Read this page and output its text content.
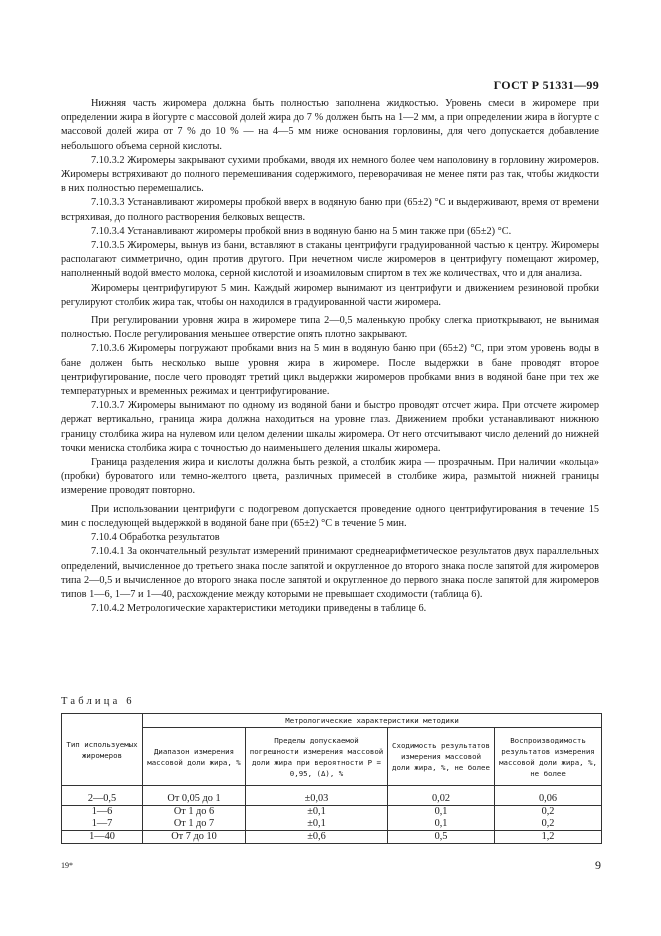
ГОСТ Р 51331—99

Нижняя часть жиромера должна быть полностью заполнена жидкостью. Уровень смеси в жиромере при определении жира в йогурте с массовой долей жира до 7 % должен быть на 1—2 мм, а при определении жира в йогурте с массовой долей жира от 7 % до 10 % — на 4—5 мм ниже основания горловины, для чего допускается добавление небольшого объема серной кислоты.

7.10.3.2 Жиромеры закрывают сухими пробками, вводя их немного более чем наполовину в горловину жиромеров. Жиромеры встряхивают до полного перемешивания содержимого, переворачивая не менее пяти раз так, чтобы жидкости в них полностью перемешались.

7.10.3.3 Устанавливают жиромеры пробкой вверх в водяную баню при (65±2) °C и выдерживают, время от времени встряхивая, до полного растворения белковых веществ.

7.10.3.4 Устанавливают жиромеры пробкой вниз в водяную баню на 5 мин также при (65±2) °C.

7.10.3.5 Жиромеры, вынув из бани, вставляют в стаканы центрифуги градуированной частью к центру. Жиромеры располагают симметрично, один против другого. При нечетном числе жиромеров в центрифугу помещают жиромер, наполненный водой вместо молока, серной кислотой и изоамиловым спиртом в тех же количествах, что и для анализа.

Жиромеры центрифугируют 5 мин. Каждый жиромер вынимают из центрифуги и движением резиновой пробки регулируют столбик жира так, чтобы он находился в градуированной части жиромера.

При регулировании уровня жира в жиромере типа 2—0,5 маленькую пробку слегка приоткрывают, не вынимая полностью. После регулирования меньшее отверстие опять плотно закрывают.

7.10.3.6 Жиромеры погружают пробками вниз на 5 мин в водяную баню при (65±2) °C, при этом уровень воды в бане должен быть несколько выше уровня жира в жиромере. После выдержки в бане проводят второе центрифугирование, после чего проводят третий цикл выдержки жиромеров пробками вниз в водяной бане при тех же температурных и временных режимах и центрифугирование.

7.10.3.7 Жиромеры вынимают по одному из водяной бани и быстро проводят отсчет жира. При отсчете жиромер держат вертикально, граница жира должна находиться на уровне глаз. Движением пробки устанавливают нижнюю границу столбика жира на нулевом или целом делении шкалы жиромера. От него отсчитывают число делений до нижней точки мениска столбика жира с точностью до наименьшего деления шкалы жиромера.

Граница разделения жира и кислоты должна быть резкой, а столбик жира — прозрачным. При наличии «кольца» (пробки) буроватого или темно-желтого цвета, различных примесей в столбике жира, размытой нижней границы измерение проводят повторно.

При использовании центрифуги с подогревом допускается проведение одного центрифугирования в течение 15 мин с последующей выдержкой в водяной бане при (65±2) °C в течение 5 мин.

7.10.4 Обработка результатов

7.10.4.1 За окончательный результат измерений принимают среднеарифметическое результатов двух параллельных определений, вычисленное до третьего знака после запятой и округленное до второго знака после запятой для жиромеров типа 2—0,5 и вычисленное до второго знака после запятой и округленное до первого знака после запятой для жиромеров типов 1—6, 1—7 и 1—40, расхождение между которыми не превышает сходимости (таблица 6).

7.10.4.2 Метрологические характеристики методики приведены в таблице 6.

Таблица 6
Тип используемых жиромеров	Метрологические характеристики методики			
	Диапазон измерения массовой доли жира, %	Пределы допускаемой погрешности измерения массовой доли жира при вероятности P = 0,95, (Δ), %	Сходимость результатов измерения массовой доли жира, %, не более	Воспроизводимость результатов измерения массовой доли жира, %, не более
2—0,5	От 0,05 до 1	±0,03	0,02	0,06
1—6	От 1 до 6	±0,1	0,1	0,2
1—7	От 1 до 7	±0,1	0,1	0,2
1—40	От 7 до 10	±0,6	0,5	1,2
19*	9
